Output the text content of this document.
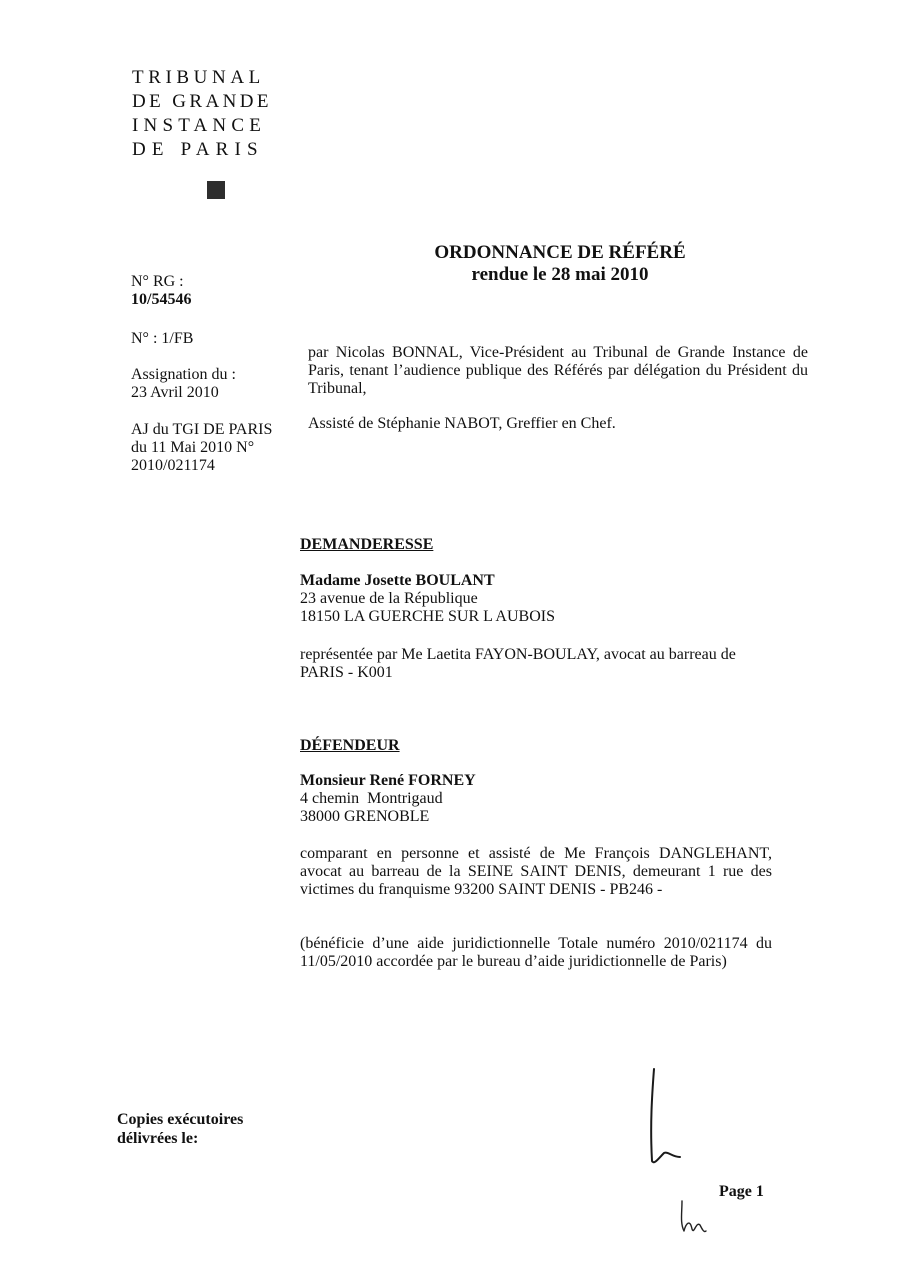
TRIBUNAL
DE GRANDE
INSTANCE
DE PARIS
ORDONNANCE DE RÉFÉRÉ
rendue le 28 mai 2010
N° RG :
10/54546
N° : 1/FB
Assignation du :
23 Avril 2010
AJ du TGI DE PARIS
du 11 Mai 2010 N°
2010/021174
par Nicolas BONNAL, Vice-Président au Tribunal de Grande Instance de Paris, tenant l’audience publique des Référés par délégation du Président du Tribunal,
Assisté de Stéphanie NABOT, Greffier en Chef.
DEMANDERESSE
Madame Josette BOULANT
23 avenue de la République
18150 LA GUERCHE SUR L AUBOIS
représentée par Me Laetita FAYON-BOULAY, avocat au barreau de PARIS - K001
DÉFENDEUR
Monsieur René FORNEY
4 chemin  Montrigaud
38000 GRENOBLE
comparant en personne et assisté de Me François DANGLEHANT, avocat au barreau de la SEINE SAINT DENIS, demeurant 1 rue des victimes du franquisme 93200 SAINT DENIS - PB246 -
(bénéficie d’une aide juridictionnelle Totale numéro 2010/021174 du 11/05/2010 accordée par le bureau d’aide juridictionnelle de Paris)
Copies exécutoires
délivrées le:
Page 1
